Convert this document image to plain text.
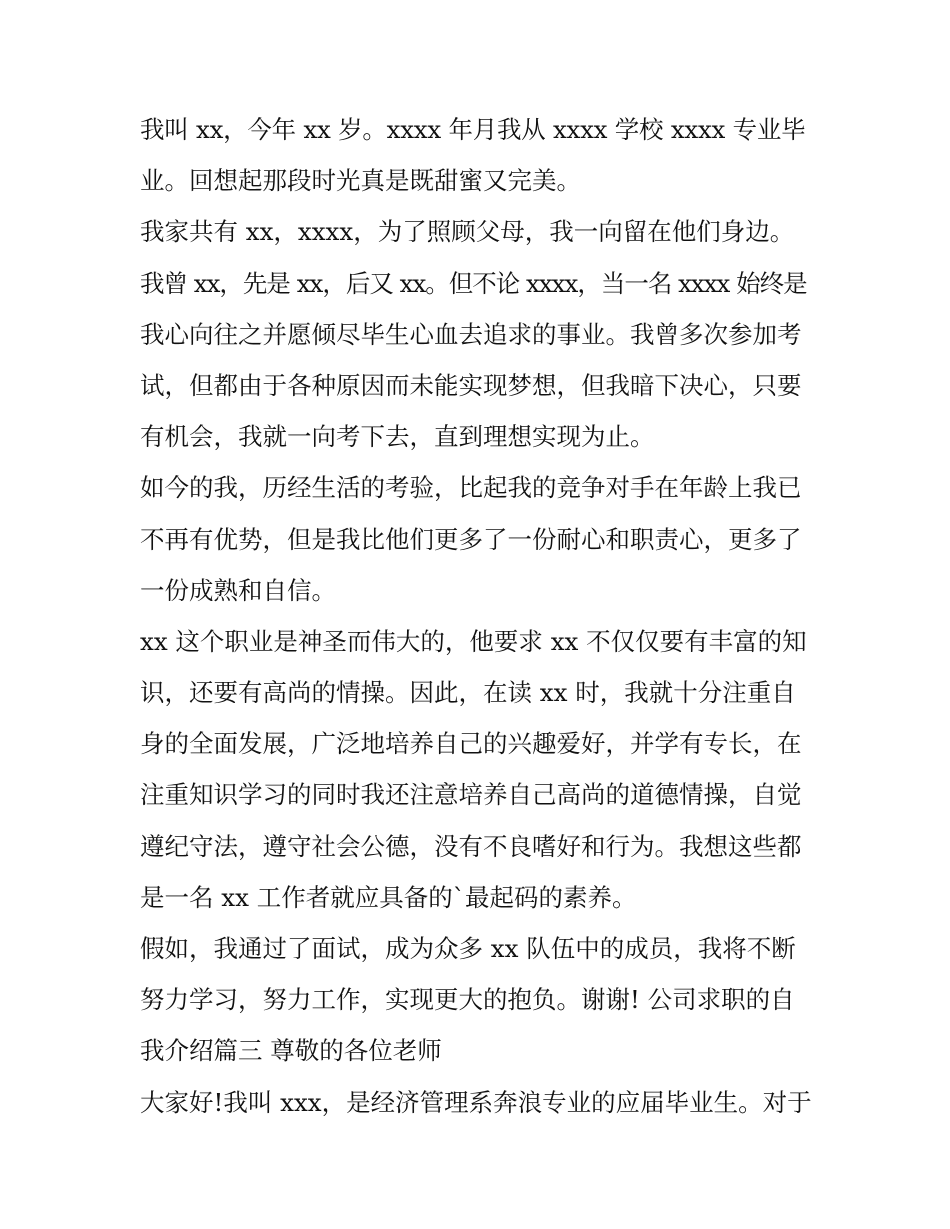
我叫 xx，今年 xx 岁。xxxx 年月我从 xxxx 学校 xxxx 专业毕
业。回想起那段时光真是既甜蜜又完美。
我家共有 xx，xxxx，为了照顾父母，我一向留在他们身边。
我曾 xx，先是 xx，后又 xx。但不论 xxxx，当一名 xxxx 始终是
我心向往之并愿倾尽毕生心血去追求的事业。我曾多次参加考
试，但都由于各种原因而未能实现梦想，但我暗下决心，只要
有机会，我就一向考下去，直到理想实现为止。
如今的我，历经生活的考验，比起我的竞争对手在年龄上我已
不再有优势，但是我比他们更多了一份耐心和职责心，更多了
一份成熟和自信。
xx 这个职业是神圣而伟大的，他要求 xx 不仅仅要有丰富的知
识，还要有高尚的情操。因此，在读 xx 时，我就十分注重自
身的全面发展，广泛地培养自己的兴趣爱好，并学有专长，在
注重知识学习的同时我还注意培养自己高尚的道德情操，自觉
遵纪守法，遵守社会公德，没有不良嗜好和行为。我想这些都
是一名 xx 工作者就应具备的`最起码的素养。
假如，我通过了面试，成为众多 xx 队伍中的成员，我将不断
努力学习，努力工作，实现更大的抱负。谢谢! 公司求职的自
我介绍篇三 尊敬的各位老师
大家好!我叫 xxx，是经济管理系奔浪专业的应届毕业生。对于
